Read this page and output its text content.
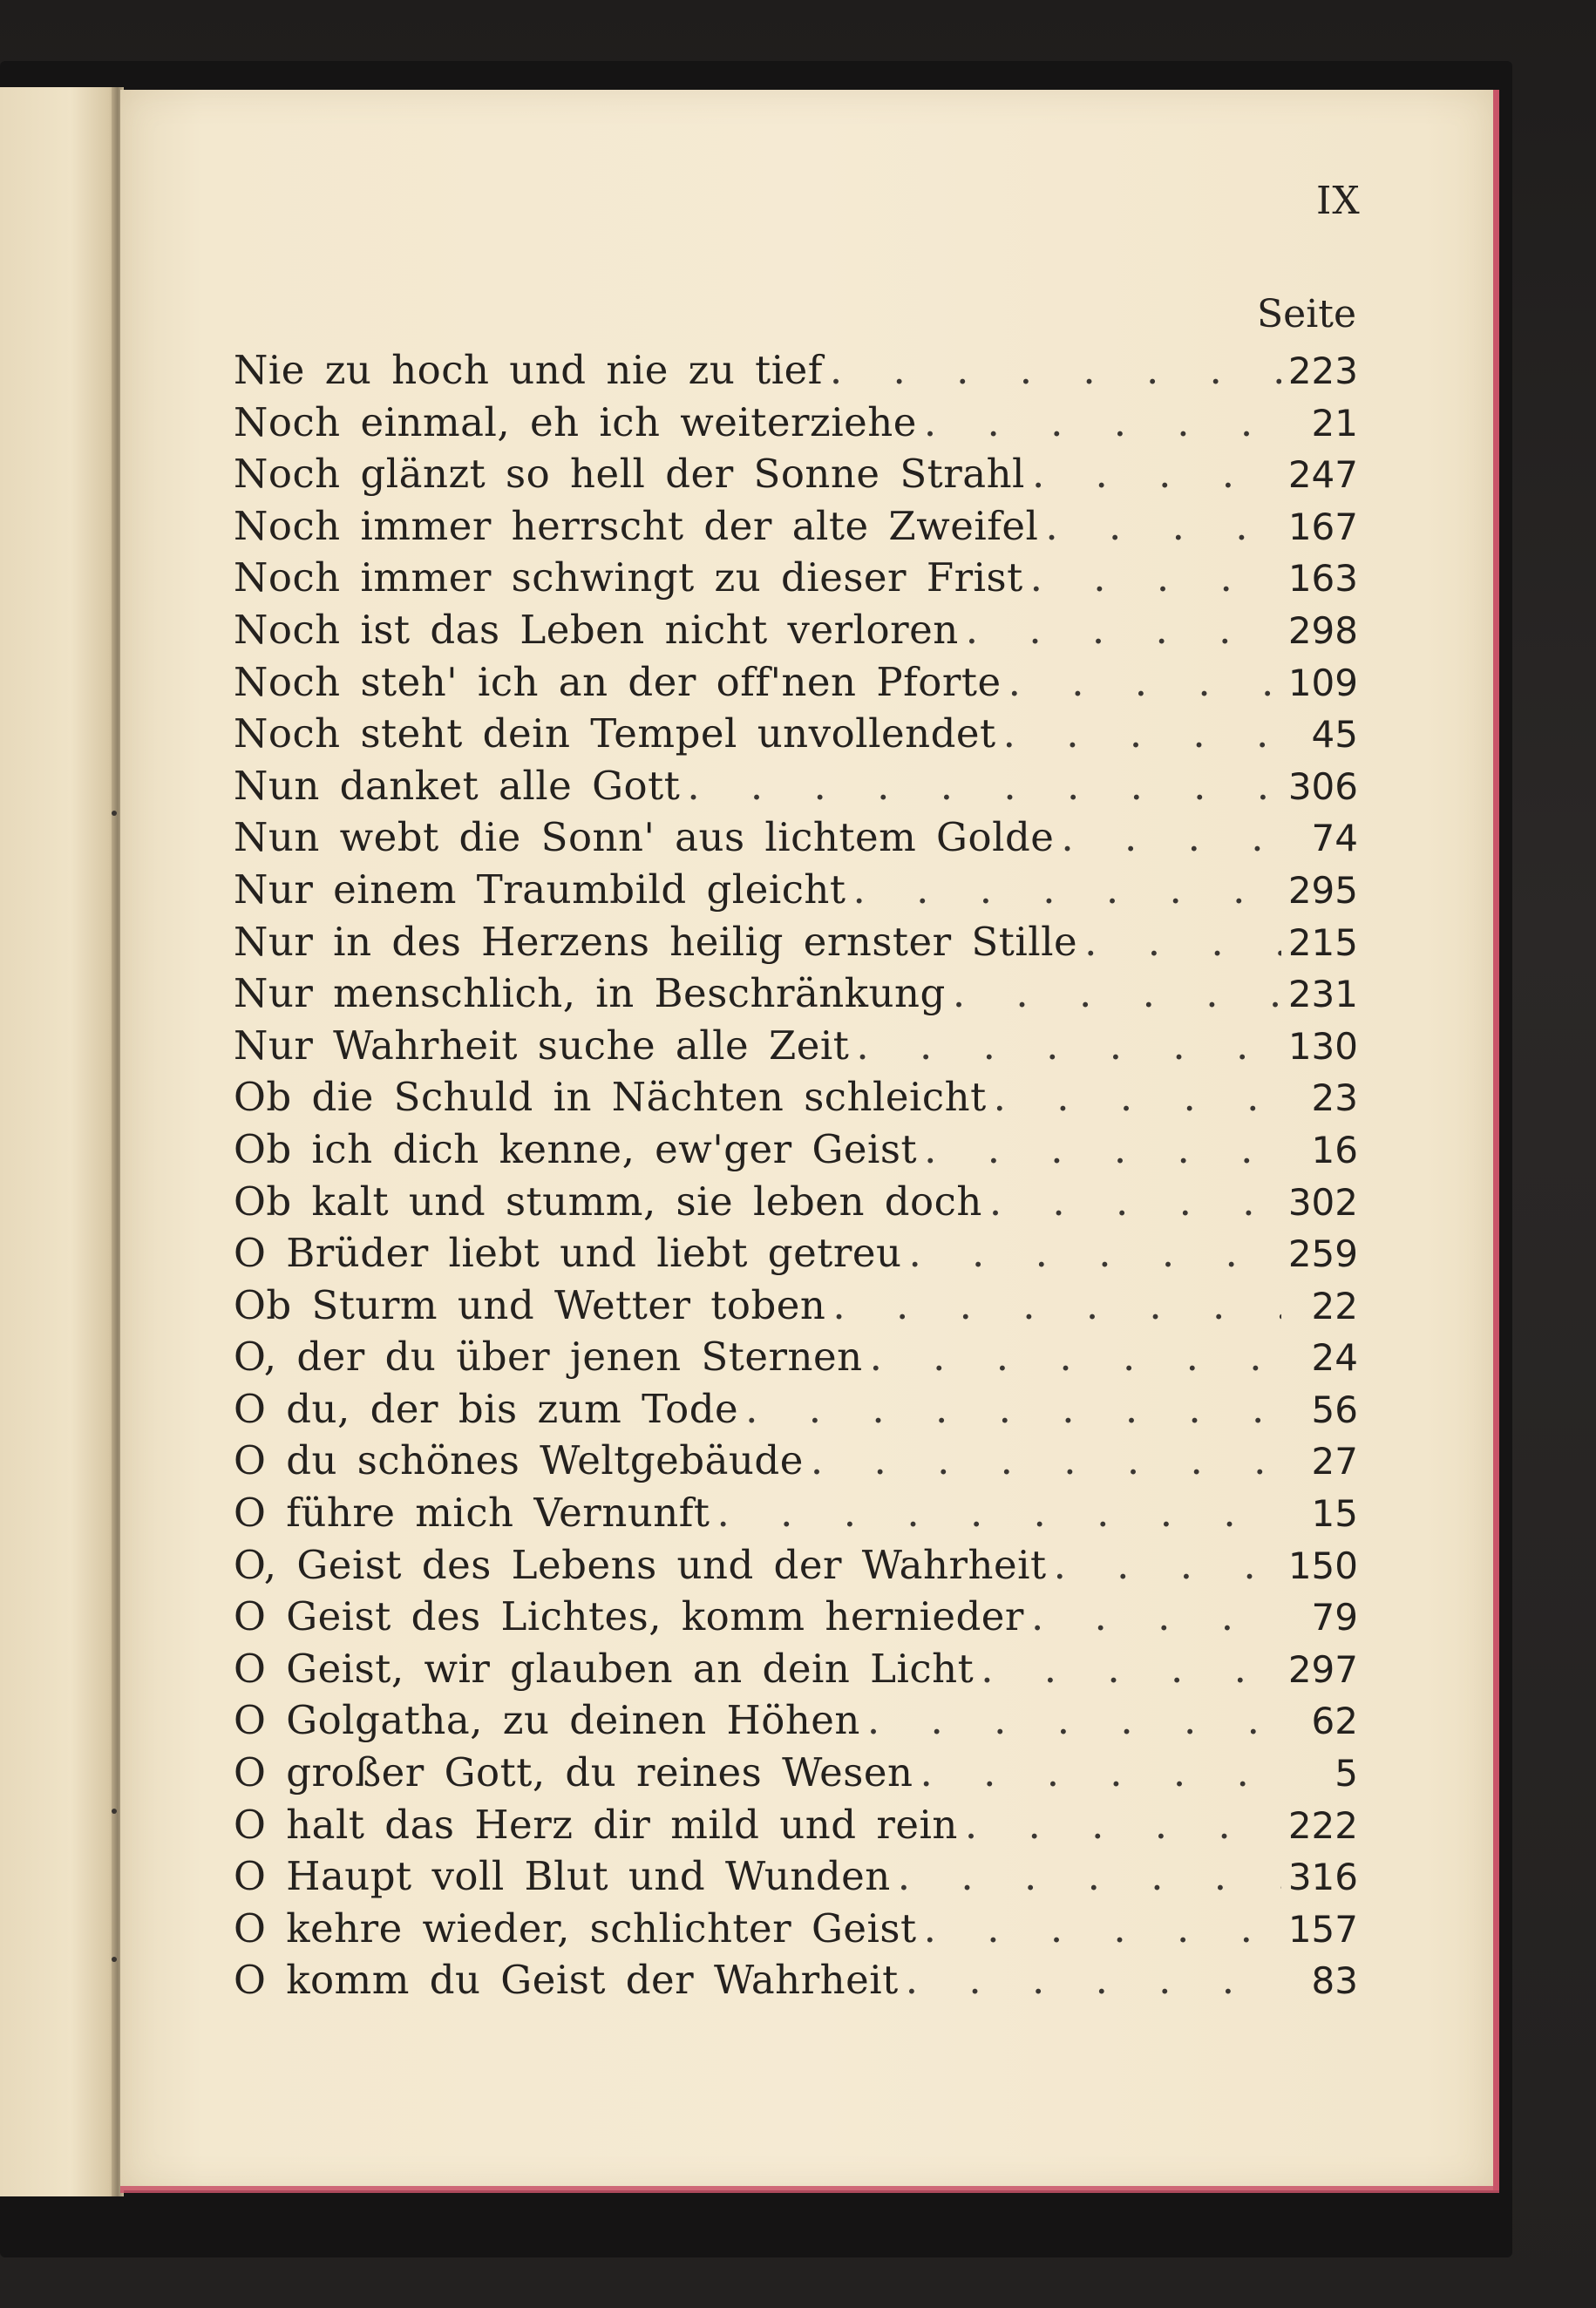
IX
Seite
Nie zu hoch und nie zu tief . . .	223
Noch einmal, eh ich weiterziehe . . .	21
Noch glänzt so hell der Sonne Strahl . . .	247
Noch immer herrscht der alte Zweifel . . .	167
Noch immer schwingt zu dieser Frist . . .	163
Noch ist das Leben nicht verloren . . .	298
Noch steh' ich an der off'nen Pforte . . .	109
Noch steht dein Tempel unvollendet . . .	45
Nun danket alle Gott . . .	306
Nun webt die Sonn' aus lichtem Golde . . .	74
Nur einem Traumbild gleicht . . .	295
Nur in des Herzens heilig ernster Stille . . .	215
Nur menschlich, in Beschränkung . . .	231
Nur Wahrheit suche alle Zeit . . .	130
Ob die Schuld in Nächten schleicht . . .	23
Ob ich dich kenne, ew'ger Geist . . .	16
Ob kalt und stumm, sie leben doch . . .	302
O Brüder liebt und liebt getreu . . .	259
Ob Sturm und Wetter toben . . .	22
O, der du über jenen Sternen . . .	24
O du, der bis zum Tode . . .	56
O du schönes Weltgebäude . . .	27
O führe mich Vernunft . . .	15
O, Geist des Lebens und der Wahrheit . . .	150
O Geist des Lichtes, komm hernieder . . .	79
O Geist, wir glauben an dein Licht . . .	297
O Golgatha, zu deinen Höhen . . .	62
O großer Gott, du reines Wesen . . .	5
O halt das Herz dir mild und rein . . .	222
O Haupt voll Blut und Wunden . . .	316
O kehre wieder, schlichter Geist . . .	157
O komm du Geist der Wahrheit . . .	83
